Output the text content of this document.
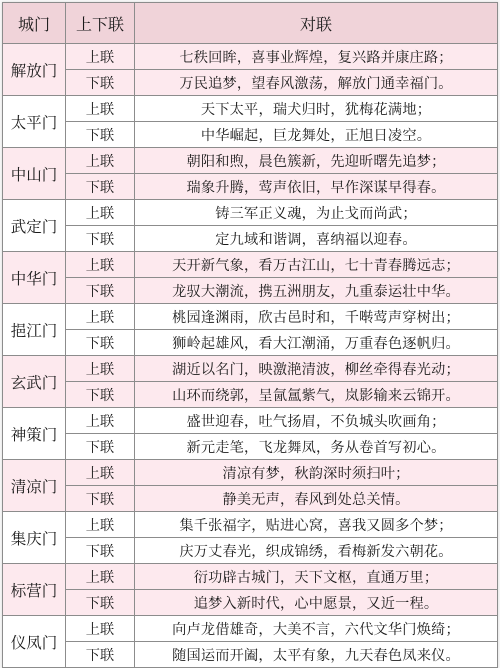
城门	上下联	对联
解放门	上联	七秩回眸，喜事业辉煌，复兴路并康庄路；
	下联	万民追梦，望春风激荡，解放门通幸福门。
太平门	上联	天下太平，瑞犬归时，犹梅花满地；
	下联	中华崛起，巨龙舞处，正旭日凌空。
中山门	上联	朝阳和煦，晨色簇新，先迎昕曙先追梦；
	下联	瑞象升腾，莺声依旧，早作深谋早得春。
武定门	上联	铸三军正义魂，为止戈而尚武；
	下联	定九域和谐调，喜纳福以迎春。
中华门	上联	天开新气象，看万古江山，七十青春腾远志；
	下联	龙驭大潮流，携五洲朋友，九重泰运壮中华。
挹江门	上联	桃园逢渊雨，欣古邑时和，千啭莺声穿树出；
	下联	狮岭起雄风，看大江潮涌，万重春色逐帆归。
玄武门	上联	湖近以名门，映激滟清波，柳丝牵得春光动；
	下联	山环而绕郭，呈氤氲紫气，岚影输来云锦开。
神策门	上联	盛世迎春，吐气扬眉，不负城头吹画角；
	下联	新元走笔，飞龙舞凤，务从卷首写初心。
清凉门	上联	清凉有梦，秋韵深时须扫叶；
	下联	静美无声，春风到处总关情。
集庆门	上联	集千张福字，贴进心窝，喜我又圆多个梦；
	下联	庆万丈春光，织成锦绣，看梅新发六朝花。
标营门	上联	衍功辟古城门，天下文枢，直通万里；
	下联	追梦入新时代，心中愿景，又近一程。
仪凤门	上联	向卢龙借雄奇，大美不言，六代文华门焕绮；
	下联	随国运而开阖，太平有象，九天春色凤来仪。
